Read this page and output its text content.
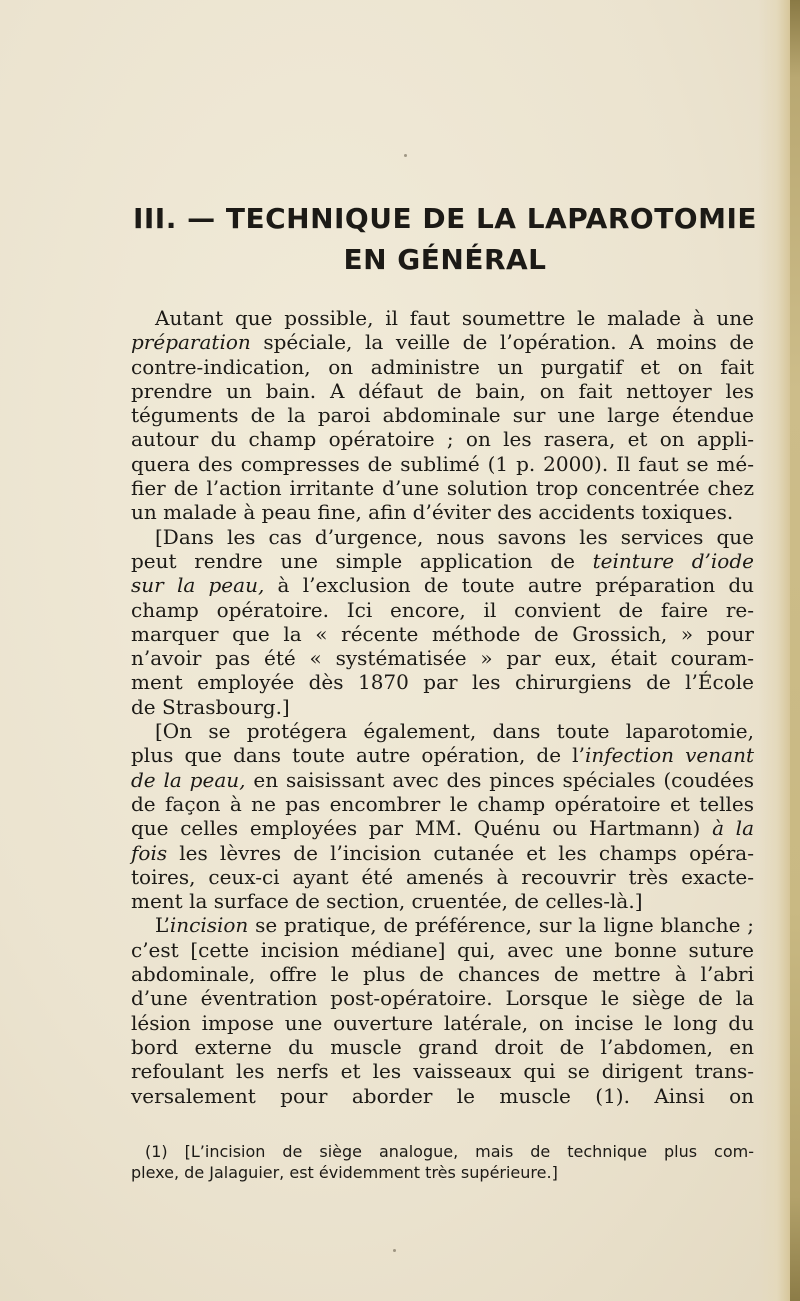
III. — TECHNIQUE DE LA LAPAROTOMIE
EN GÉNÉRAL
Autant que possible, il faut soumettre le malade à une
préparation spéciale, la veille de l’opération. A moins de
contre-indication, on administre un purgatif et on fait
prendre un bain. A défaut de bain, on fait nettoyer les
téguments de la paroi abdominale sur une large étendue
autour du champ opératoire ; on les rasera, et on appli-
quera des compresses de sublimé (1 p. 2000). Il faut se mé-
fier de l’action irritante d’une solution trop concentrée chez
un malade à peau fine, afin d’éviter des accidents toxiques.
[Dans les cas d’urgence, nous savons les services que
peut rendre une simple application de teinture d’iode
sur la peau, à l’exclusion de toute autre préparation du
champ opératoire. Ici encore, il convient de faire re-
marquer que la « récente méthode de Grossich, » pour
n’avoir pas été « systématisée » par eux, était couram-
ment employée dès 1870 par les chirurgiens de l’École
de Strasbourg.]
[On se protégera également, dans toute laparotomie,
plus que dans toute autre opération, de l’infection venant
de la peau, en saisissant avec des pinces spéciales (coudées
de façon à ne pas encombrer le champ opératoire et telles
que celles employées par MM. Quénu ou Hartmann) à la
fois les lèvres de l’incision cutanée et les champs opéra-
toires, ceux-ci ayant été amenés à recouvrir très exacte-
ment la surface de section, cruentée, de celles-là.]
L’incision se pratique, de préférence, sur la ligne blanche ;
c’est [cette incision médiane] qui, avec une bonne suture
abdominale, offre le plus de chances de mettre à l’abri
d’une éventration post-opératoire. Lorsque le siège de la
lésion impose une ouverture latérale, on incise le long du
bord externe du muscle grand droit de l’abdomen, en
refoulant les nerfs et les vaisseaux qui se dirigent trans-
versalement pour aborder le muscle (1). Ainsi on
(1) [L’incision de siège analogue, mais de technique plus com-
plexe, de Jalaguier, est évidemment très supérieure.]
